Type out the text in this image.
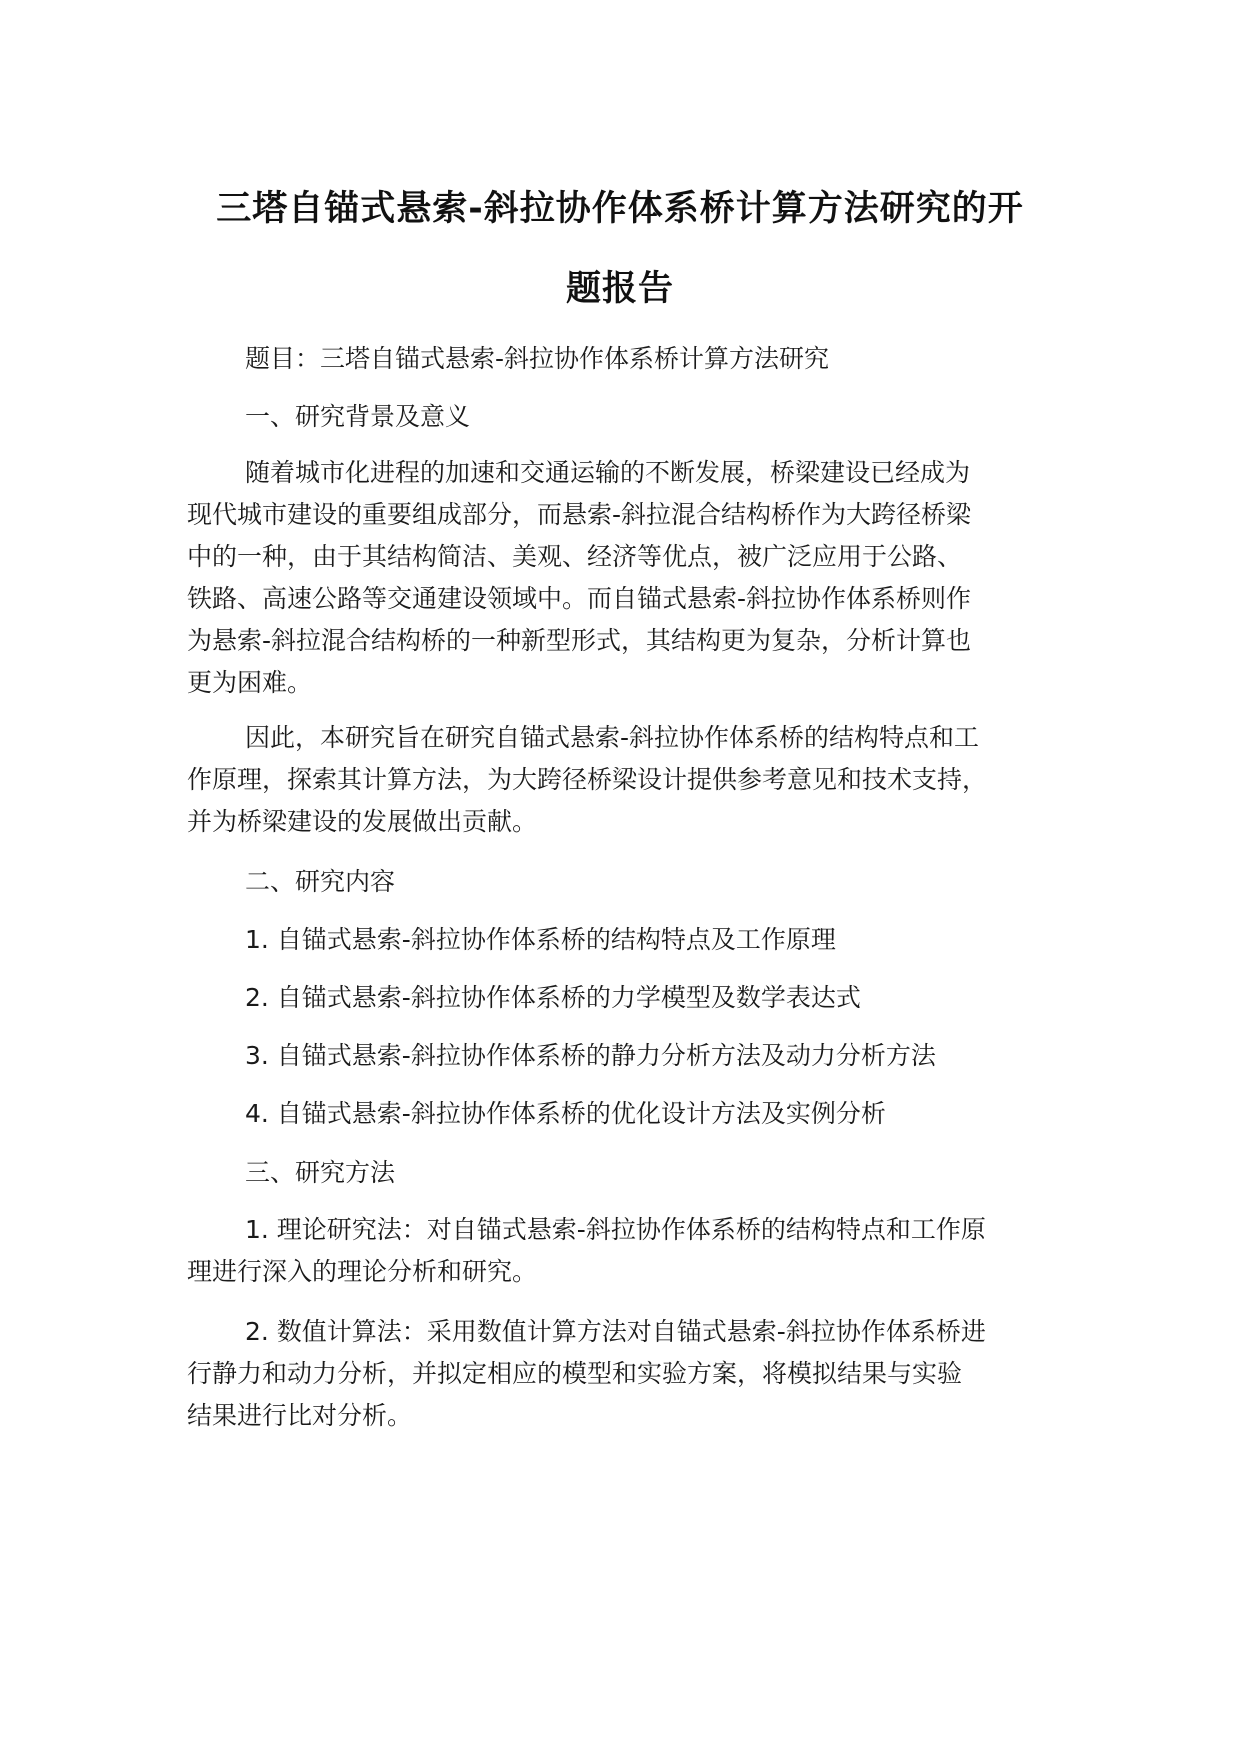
三塔自锚式悬索-斜拉协作体系桥计算方法研究的开
题报告

题目：三塔自锚式悬索-斜拉协作体系桥计算方法研究

一、研究背景及意义

随着城市化进程的加速和交通运输的不断发展，桥梁建设已经成为
现代城市建设的重要组成部分，而悬索-斜拉混合结构桥作为大跨径桥梁
中的一种，由于其结构简洁、美观、经济等优点，被广泛应用于公路、
铁路、高速公路等交通建设领域中。而自锚式悬索-斜拉协作体系桥则作
为悬索-斜拉混合结构桥的一种新型形式，其结构更为复杂，分析计算也
更为困难。

因此，本研究旨在研究自锚式悬索-斜拉协作体系桥的结构特点和工
作原理，探索其计算方法，为大跨径桥梁设计提供参考意见和技术支持，
并为桥梁建设的发展做出贡献。

二、研究内容

1. 自锚式悬索-斜拉协作体系桥的结构特点及工作原理

2. 自锚式悬索-斜拉协作体系桥的力学模型及数学表达式

3. 自锚式悬索-斜拉协作体系桥的静力分析方法及动力分析方法

4. 自锚式悬索-斜拉协作体系桥的优化设计方法及实例分析

三、研究方法

1. 理论研究法：对自锚式悬索-斜拉协作体系桥的结构特点和工作原
理进行深入的理论分析和研究。

2. 数值计算法：采用数值计算方法对自锚式悬索-斜拉协作体系桥进
行静力和动力分析，并拟定相应的模型和实验方案，将模拟结果与实验
结果进行比对分析。
